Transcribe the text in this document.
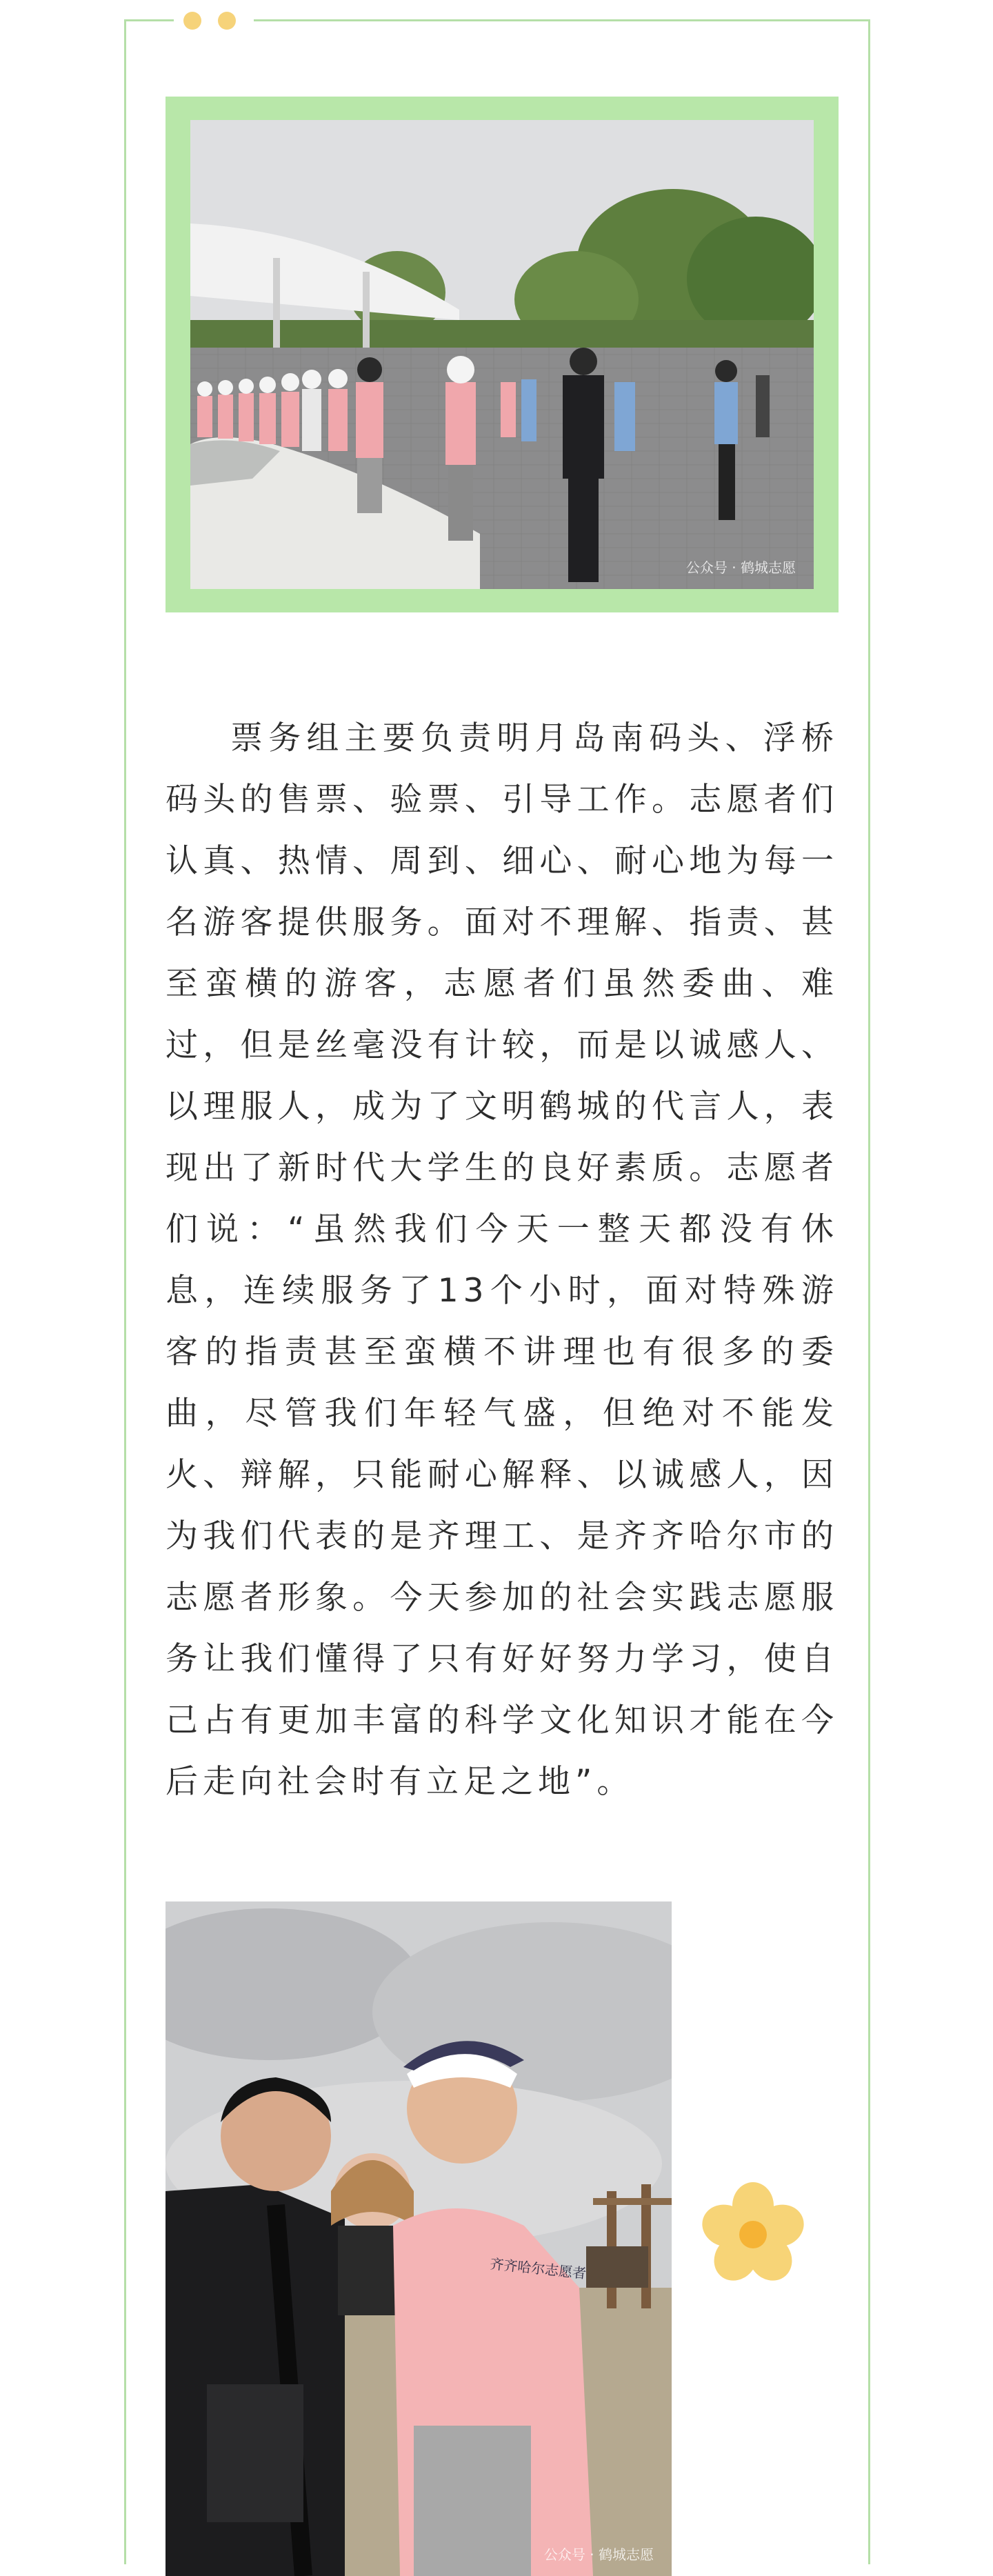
公众号 · 鹤城志愿

票务组主要负责明月岛南码头、浮桥码头的售票、验票、引导工作。志愿者们认真、热情、周到、细心、耐心地为每一名游客提供服务。面对不理解、指责、甚至蛮横的游客，志愿者们虽然委曲、难过，但是丝毫没有计较，而是以诚感人、以理服人，成为了文明鹤城的代言人，表现出了新时代大学生的良好素质。志愿者们说：“虽然我们今天一整天都没有休息，连续服务了13个小时，面对特殊游客的指责甚至蛮横不讲理也有很多的委曲，尽管我们年轻气盛，但绝对不能发火、辩解，只能耐心解释、以诚感人，因为我们代表的是齐理工、是齐齐哈尔市的志愿者形象。今天参加的社会实践志愿服务让我们懂得了只有好好努力学习，使自己占有更加丰富的科学文化知识才能在今后走向社会时有立足之地”。

齐齐哈尔志愿者
公众号 · 鹤城志愿
